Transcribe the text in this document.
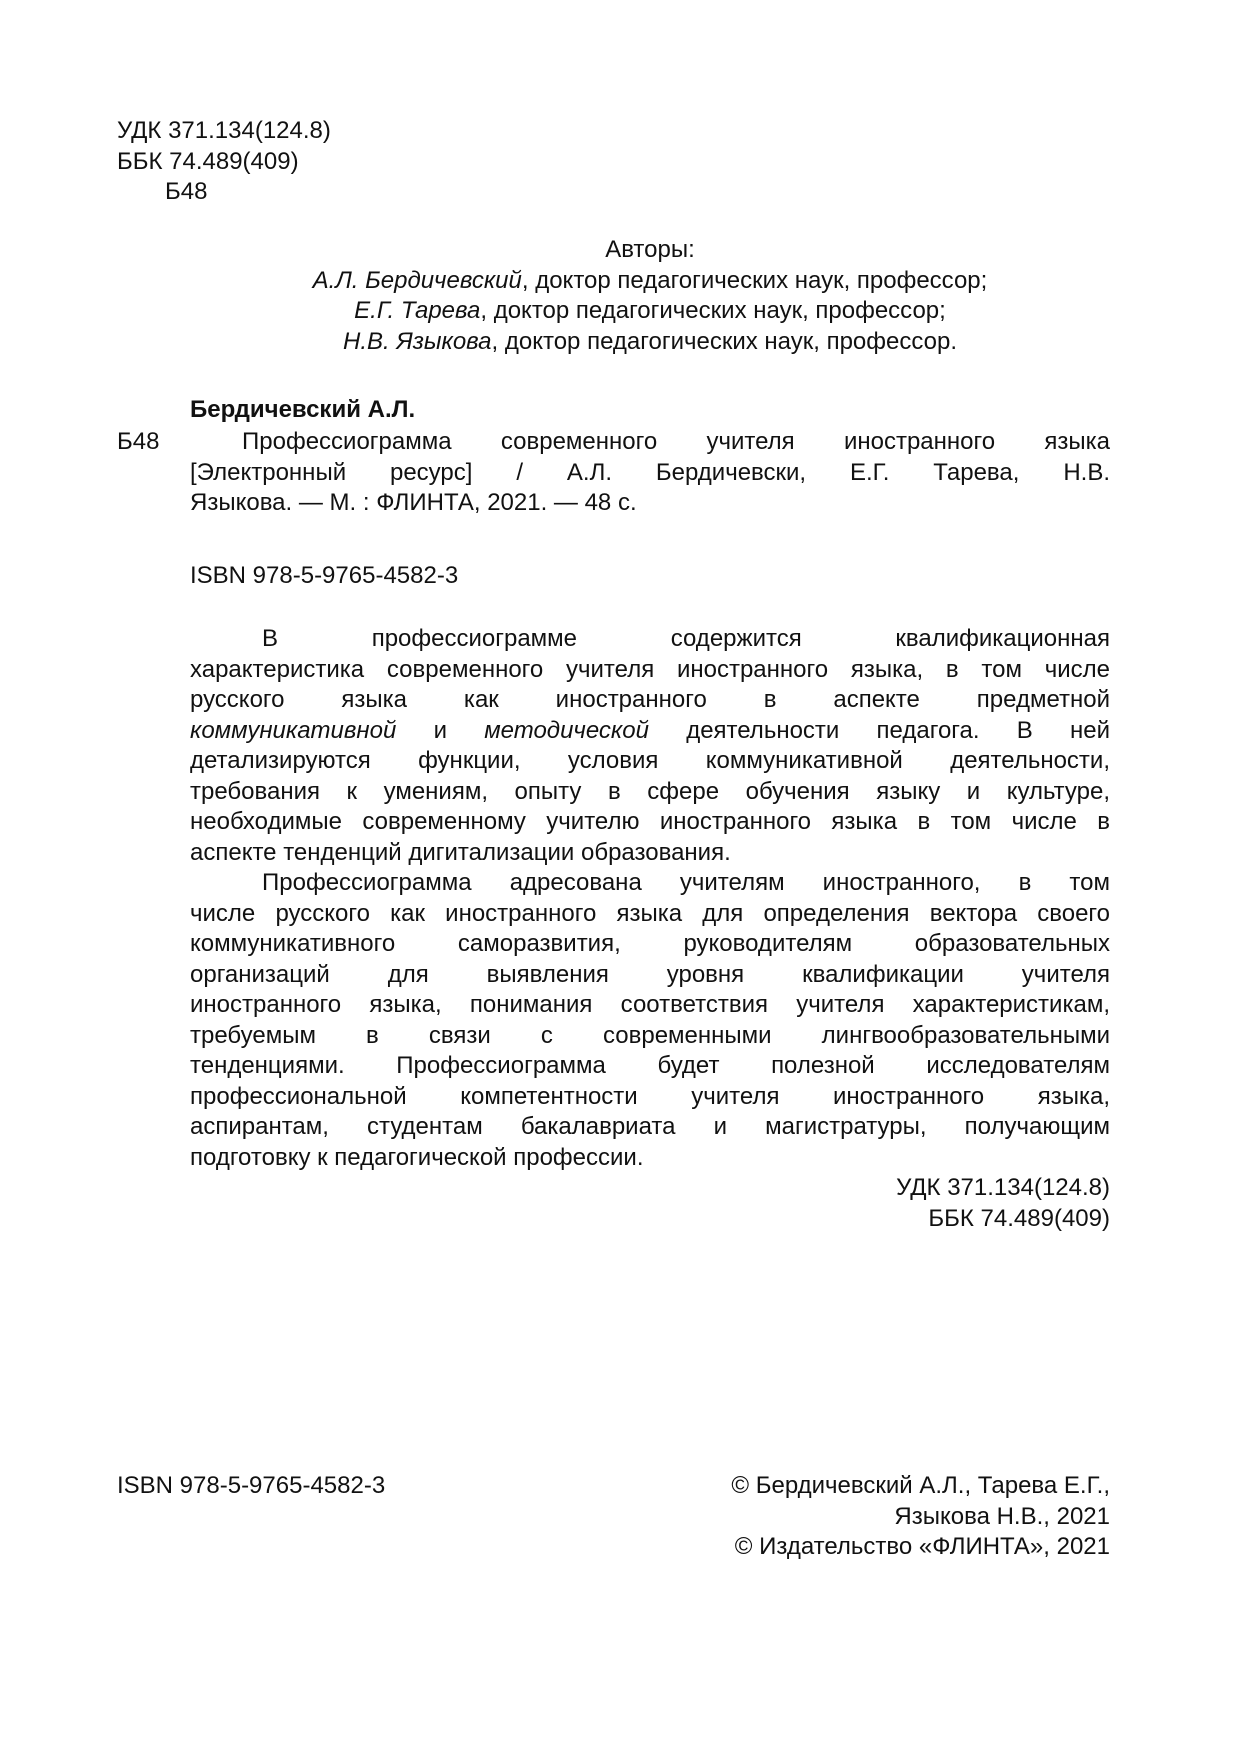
УДК 371.134(124.8)
ББК 74.489(409)
Б48
Авторы:
А.Л. Бердичевский, доктор педагогических наук, профессор;
Е.Г. Тарева, доктор педагогических наук, профессор;
Н.В. Языкова, доктор педагогических наук, профессор.
Бердичевский А.Л.
Б48	Профессиограмма современного учителя иностранного языка
[Электронный ресурс] / А.Л. Бердичевски, Е.Г. Тарева, Н.В.
Языкова. — М. : ФЛИНТА, 2021. — 48 с.
ISBN 978-5-9765-4582-3
В профессиограмме содержится квалификационная
характеристика современного учителя иностранного языка, в том числе
русского языка как иностранного в аспекте предметной
коммуникативной и методической деятельности педагога. В ней
детализируются функции, условия коммуникативной деятельности,
требования к умениям, опыту в сфере обучения языку и культуре,
необходимые современному учителю иностранного языка в том числе в
аспекте тенденций дигитализации образования.
Профессиограмма адресована учителям иностранного, в том
числе русского как иностранного языка для определения вектора своего
коммуникативного саморазвития, руководителям образовательных
организаций для выявления уровня квалификации учителя
иностранного языка, понимания соответствия учителя характеристикам,
требуемым в связи с современными лингвообразовательными
тенденциями. Профессиограмма будет полезной исследователям
профессиональной компетентности учителя иностранного языка,
аспирантам, студентам бакалавриата и магистратуры, получающим
подготовку к педагогической профессии.
УДК 371.134(124.8)
ББК 74.489(409)
ISBN 978-5-9765-4582-3	© Бердичевский А.Л., Тарева Е.Г.,
Языкова Н.В., 2021
© Издательство «ФЛИНТА», 2021
